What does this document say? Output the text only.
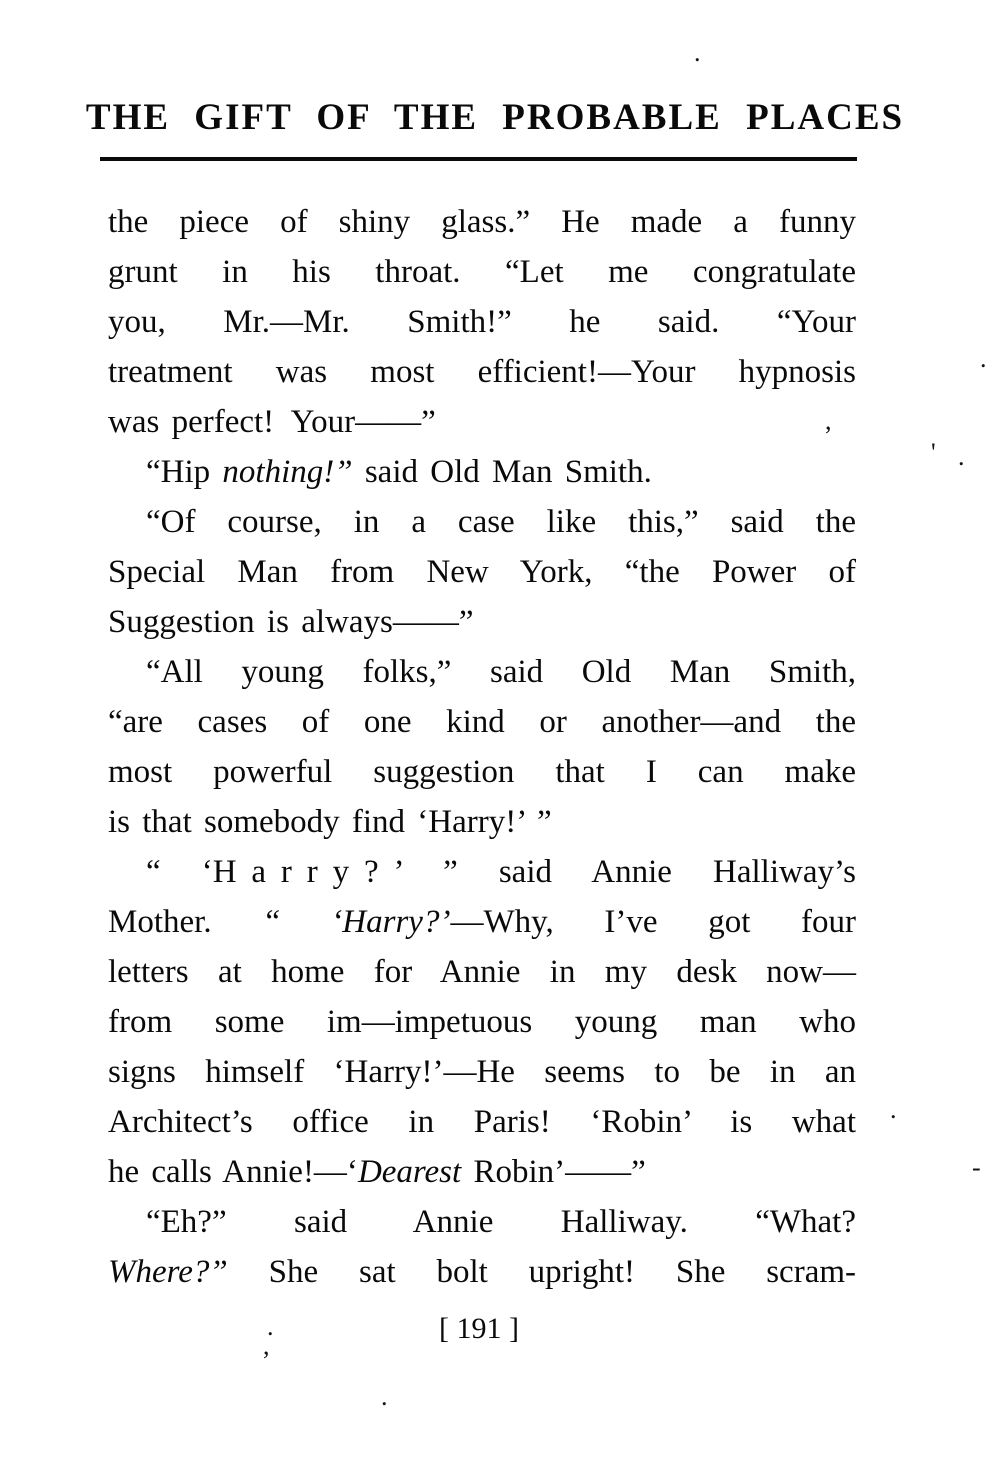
THE GIFT OF THE PROBABLE PLACES
the piece of shiny glass.” He made a funny
grunt in his throat. “Let me congratulate
you, Mr.—Mr. Smith!” he said. “Your
treatment was most efficient!—Your hypnosis
was perfect! Your——”
“Hip nothing!” said Old Man Smith.
“Of course, in a case like this,” said the
Special Man from New York, “the Power of
Suggestion is always——”
“All young folks,” said Old Man Smith,
“are cases of one kind or another—and the
most powerful suggestion that I can make
is that somebody find ‘Harry!’ ”
“ ‘Harry?’ ” said Annie Halliway’s
Mother. “ ‘Harry?’—Why, I’ve got four
letters at home for Annie in my desk now—
from some im—impetuous young man who
signs himself ‘Harry!’—He seems to be in an
Architect’s office in Paris! ‘Robin’ is what
he calls Annie!—‘Dearest Robin’——”
“Eh?” said Annie Halliway. “What?
Where?” She sat bolt upright! She scram-
[ 191 ]
.
.
,
' .
.
-
.
,
.
